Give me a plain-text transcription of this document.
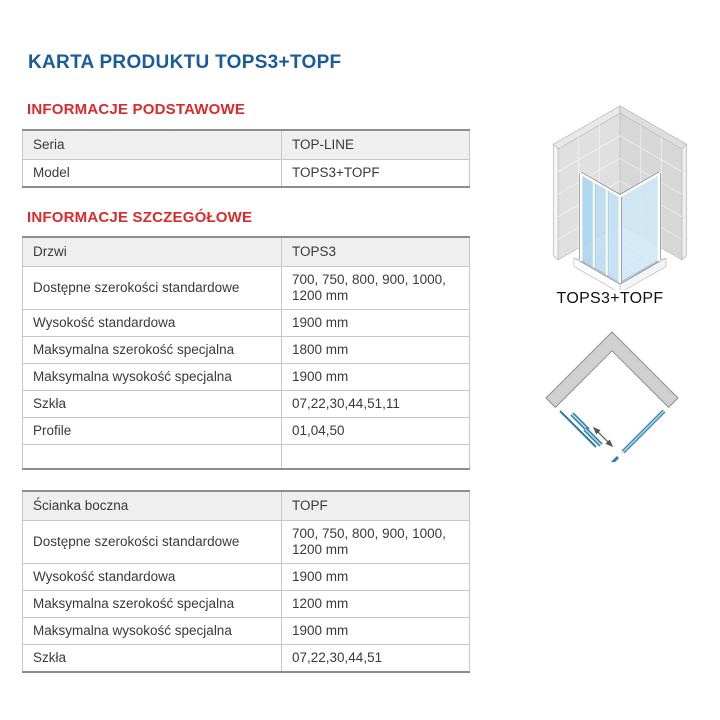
KARTA PRODUKTU TOPS3+TOPF
INFORMACJE PODSTAWOWE
Seria	TOP-LINE
Model	TOPS3+TOPF
INFORMACJE SZCZEGÓŁOWE
Drzwi	TOPS3
Dostępne szerokości standardowe	700, 750, 800, 900, 1000, 1200 mm
Wysokość standardowa	1900 mm
Maksymalna szerokość specjalna	1800 mm
Maksymalna wysokość specjalna	1900 mm
Szkła	07,22,30,44,51,11
Profile	01,04,50

Ścianka boczna	TOPF
Dostępne szerokości standardowe	700, 750, 800, 900, 1000, 1200 mm
Wysokość standardowa	1900 mm
Maksymalna szerokość specjalna	1200 mm
Maksymalna wysokość specjalna	1900 mm
Szkła	07,22,30,44,51
TOPS3+TOPF
